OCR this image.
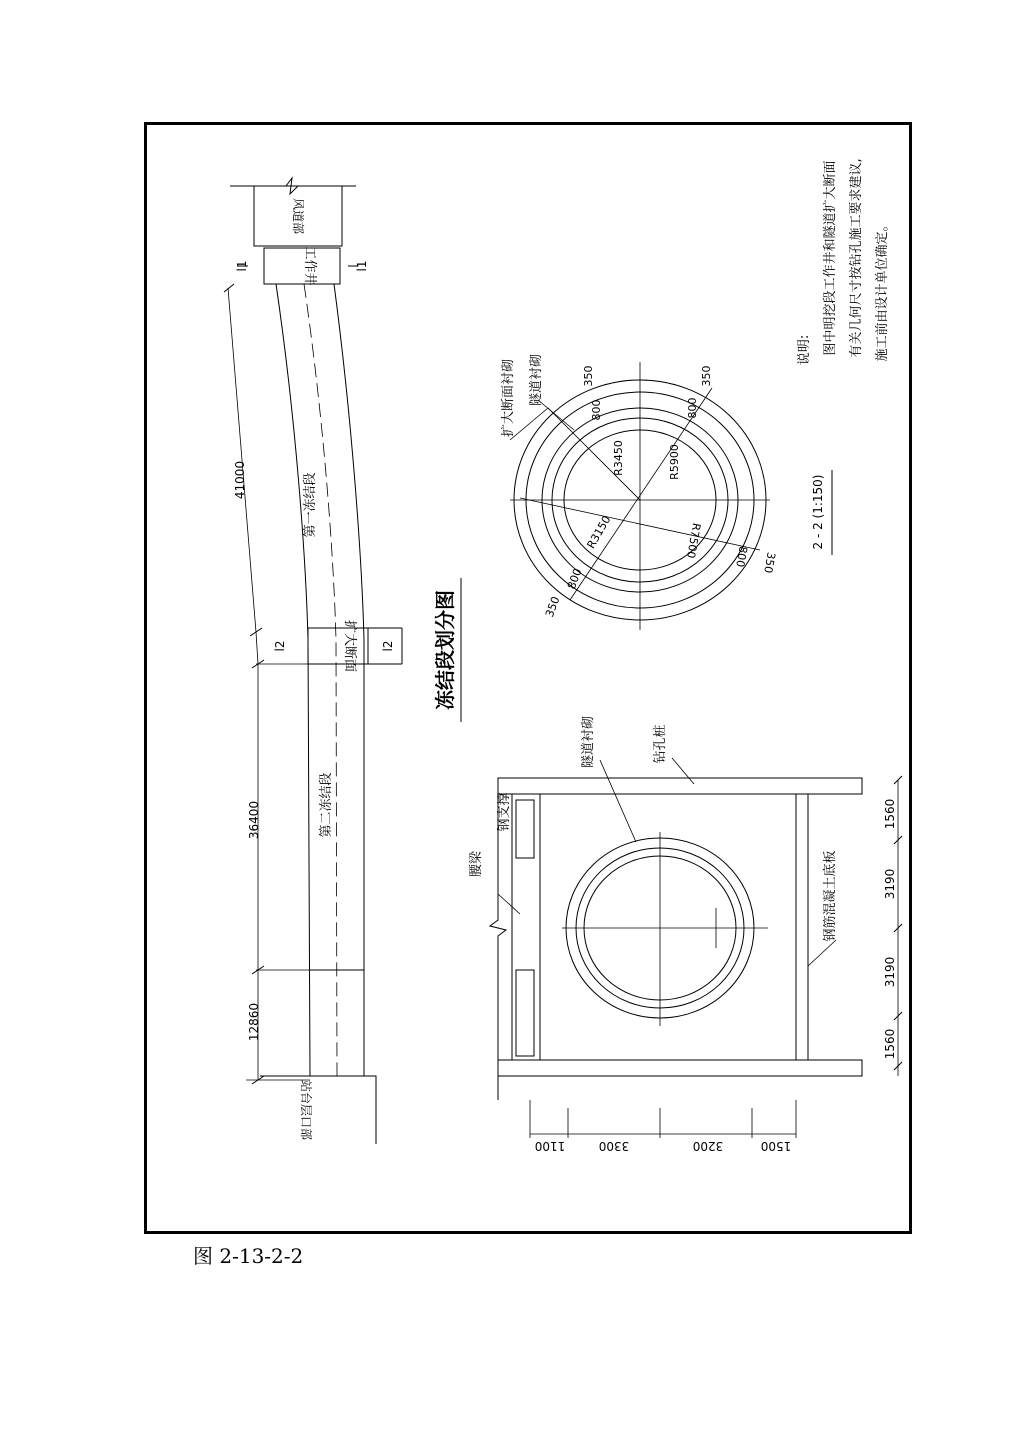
41000
36400
12860
l1	l1
l2	l2
第一冻结段
第二冻结段
工作井
扩大断面
风道部
站台层口部
冻结段划分图
R3450	R5900
R3150	R7500
350
800
350
800
350
800
800 350
扩大断面衬砌 隧道衬砌
2 - 2 (1:150)
说明: 图中明挖段工作井和隧道扩大断面 有关几何尺寸按钻孔施工要求建议, 施工前由设计单位确定。
隧道衬砌	钻孔桩
钢支撑
腰梁	钢筋混凝土底板
1560
3190
3190
1560
1100	3300	3200	1500
图 2-13-2-2
